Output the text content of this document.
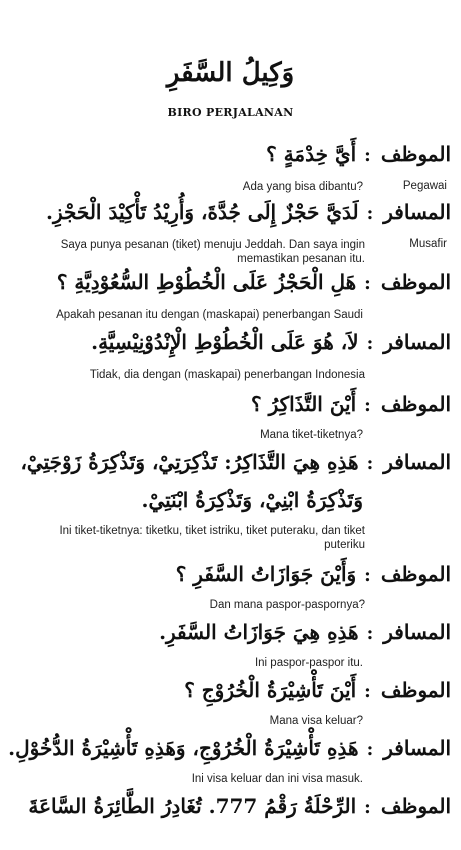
وَكِيلُ السَّفَرِ
BIRO PERJALANAN
الموظف:أَيَّ خِدْمَةٍ ؟
Ada yang bisa dibantu?	Pegawai
المسافر:لَدَيَّ حَجْزٌ إِلَى جُدَّةَ، وَأُرِيْدُ تَأْكِيْدَ الْحَجْزِ.
Saya punya pesanan (tiket) menuju Jeddah. Dan saya ingin
memastikan pesanan itu.
Musafir
الموظف:هَلِ الْحَجْزُ عَلَى الْخُطُوْطِ السُّعُوْدِيَّةِ ؟
Apakah pesanan itu dengan (maskapai) penerbangan Saudi
المسافر:لاَ، هُوَ عَلَى الْخُطُوْطِ الْإِنْدُوْنِيْسِيَّةِ.
Tidak, dia dengan (maskapai) penerbangan Indonesia
الموظف:أَيْنَ التَّذَاكِرُ ؟
Mana tiket-tiketnya?
المسافر:هَذِهِ هِيَ التَّذَاكِرُ: تَذْكِرَتِيْ، وَتَذْكِرَةُ زَوْجَتِيْ،
وَتَذْكِرَةُ ابْنِيْ، وَتَذْكِرَةُ ابْنَتِيْ.
Ini tiket-tiketnya: tiketku, tiket istriku, tiket puteraku, dan tiket
puteriku
الموظف:وَأَيْنَ جَوَازَاتُ السَّفَرِ ؟
Dan mana paspor-paspornya?
المسافر:هَذِهِ هِيَ جَوَازَاتُ السَّفَرِ.
Ini paspor-paspor itu.
الموظف:أَيْنَ تَأْشِيْرَةُ الْخُرُوْجِ ؟
Mana visa keluar?
المسافر:هَذِهِ تَأْشِيْرَةُ الْخُرُوْجِ، وَهَذِهِ تَأْشِيْرَةُ الدُّخُوْلِ.
Ini visa keluar dan ini visa masuk.
الموظف:الرِّحْلَةُ رَقْمُ 777. تُغَادِرُ الطَّائِرَةُ السَّاعَةَ
